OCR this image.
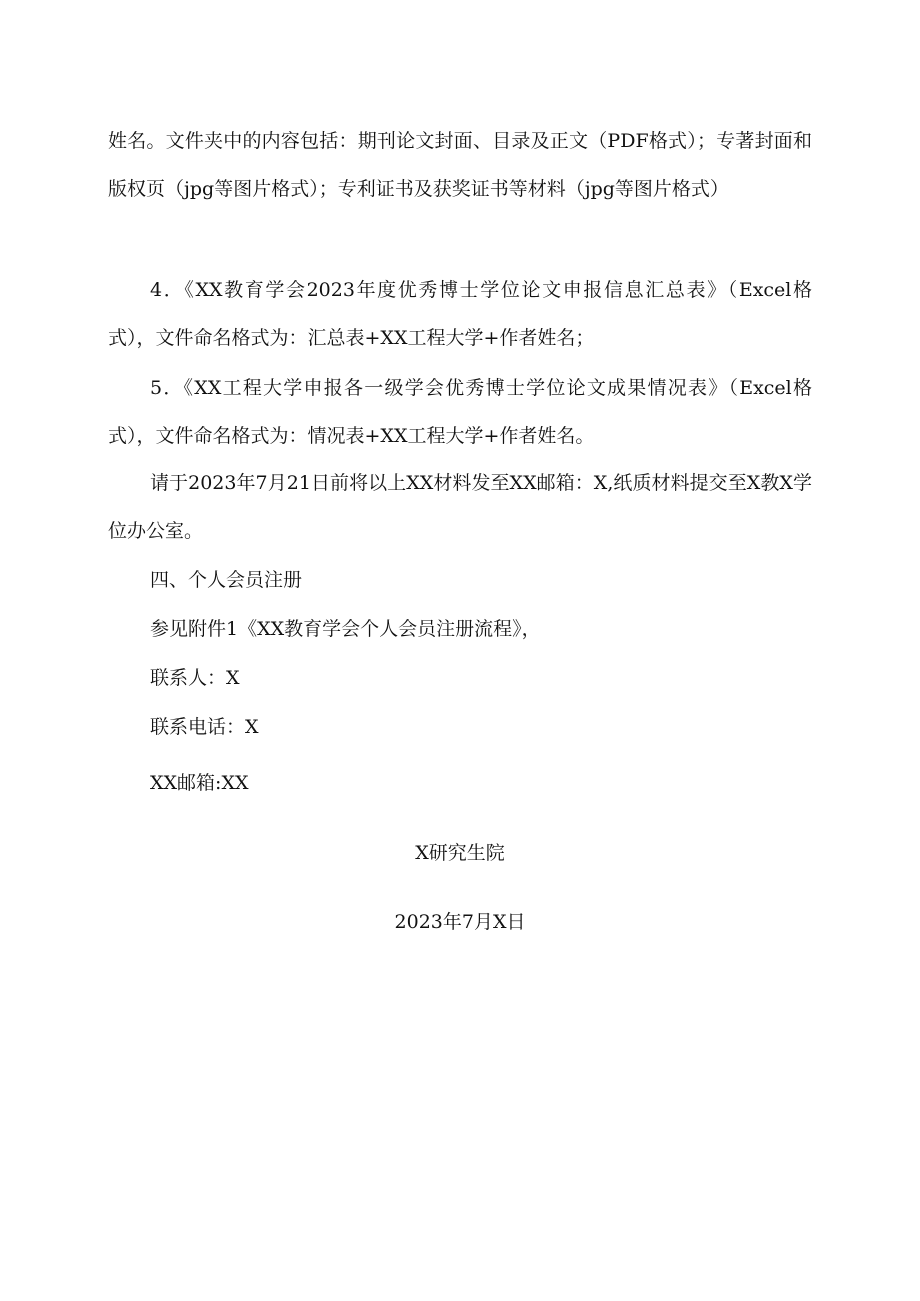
姓名。文件夹中的内容包括：期刊论文封面、目录及正文（PDF格式）；专著封面和版权页（jpg等图片格式）；专利证书及获奖证书等材料（jpg等图片格式）

4．《XX教育学会2023年度优秀博士学位论文申报信息汇总表》（Excel格式），文件命名格式为：汇总表+XX工程大学+作者姓名；

5．《XX工程大学申报各一级学会优秀博士学位论文成果情况表》（Excel格式），文件命名格式为：情况表+XX工程大学+作者姓名。

请于2023年7月21日前将以上XX材料发至XX邮箱：X,纸质材料提交至X教X学位办公室。

四、个人会员注册

参见附件1《XX教育学会个人会员注册流程》，

联系人：X

联系电话：X

XX邮箱:XX

X研究生院

2023年7月X日
